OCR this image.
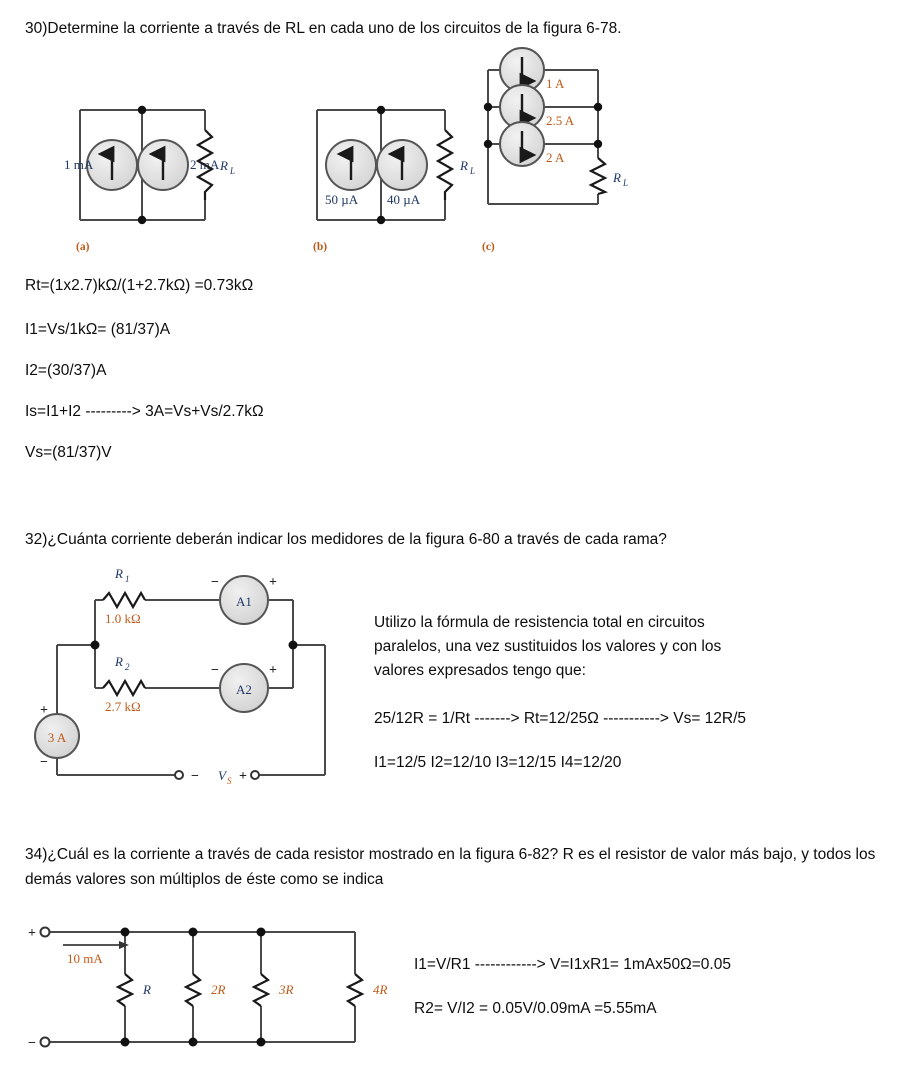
30)Determine la corriente a través de RL en cada uno de los circuitos de la figura 6-78.
1 mA	2 mA R L
(a)
50 µA 40 µA
R L
(b)
1 A
2.5 A
2 A
R L
(c)
Rt=(1x2.7)kΩ/(1+2.7kΩ) =0.73kΩ
I1=Vs/1kΩ= (81/37)A
I2=(30/37)A
Is=I1+I2 ---------> 3A=Vs+Vs/2.7kΩ
Vs=(81/37)V
32)¿Cuánta corriente deberán indicar los medidores de la figura 6-80 a través de cada rama?
R 1
1.0 kΩ
R 2
2.7 kΩ
A1
−	+
A2
−	+
3 A
+
−
− V S +
Utilizo la fórmula de resistencia total en circuitos paralelos, una vez sustituidos los valores y con los valores expresados tengo que:
25/12R = 1/Rt -------> Rt=12/25Ω -----------> Vs= 12R/5
I1=12/5 I2=12/10 I3=12/15 I4=12/20
34)¿Cuál es la corriente a través de cada resistor mostrado en la figura 6-82? R es el resistor de valor más bajo, y todos los demás valores son múltiplos de éste como se indica
+
−
10 mA
R	2R	3R	4R
I1=V/R1 ------------> V=I1xR1= 1mAx50Ω=0.05
R2= V/I2 = 0.05V/0.09mA =5.55mA
